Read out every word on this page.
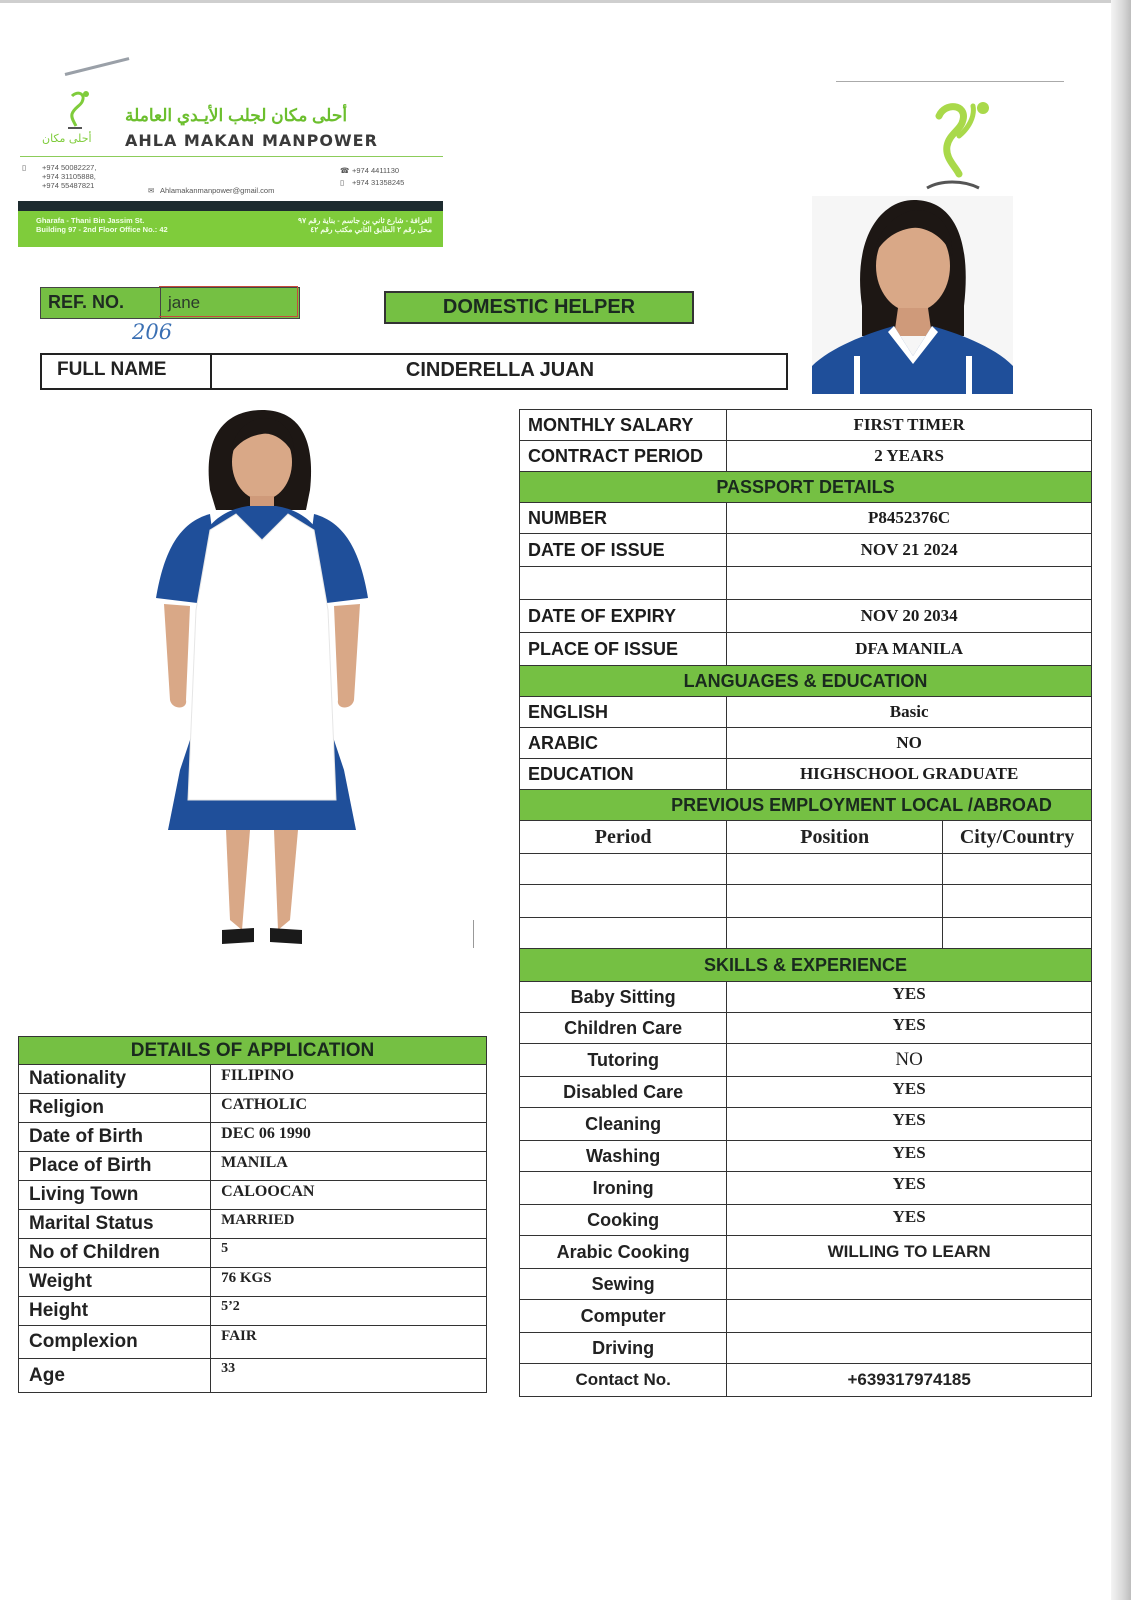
أحلى مكان
أحلى مكان لجلب الأيـدي العاملة
AHLA MAKAN MANPOWER
+974 50082227,
+974 31105888,
+974 55487821
▯	☎ +974 4411130
▯ +974 31358245
✉ Ahlamakanmanpower@gmail.com
Gharafa - Thani Bin Jassim St.
Building 97 - 2nd Floor Office No.: 42
الغرافة - شارع ثاني بن جاسم - بناية رقم ٩٧
محل رقم ٢ الطابق الثاني مكتب رقم ٤٢
REF. NO.	jane
206
DOMESTIC HELPER
FULL NAME	CINDERELLA JUAN
MONTHLY SALARY	FIRST TIMER	
CONTRACT PERIOD	2 YEARS	
PASSPORT DETAILS		
NUMBER	P8452376C	
DATE OF ISSUE	NOV 21 2024	

DATE OF EXPIRY	NOV 20 2034	
PLACE OF ISSUE	DFA MANILA	
LANGUAGES & EDUCATION		
ENGLISH	Basic	
ARABIC	NO	
EDUCATION	HIGHSCHOOL GRADUATE	
PREVIOUS EMPLOYMENT LOCAL /ABROAD		
Period	Position	City/Country

SKILLS & EXPERIENCE		
Baby Sitting	YES	
Children Care	YES	
Tutoring	NO	
Disabled Care	YES	
Cleaning	YES	
Washing	YES	
Ironing	YES	
Cooking	YES	
Arabic Cooking	WILLING TO LEARN	
Sewing		
Computer		
Driving		
Contact No.	+639317974185	
DETAILS OF APPLICATION	
Nationality	FILIPINO
Religion	CATHOLIC
Date of Birth	DEC 06 1990
Place of Birth	MANILA
Living Town	CALOOCAN
Marital Status	MARRIED
No of Children	5
Weight	76 KGS
Height	5’2
Complexion	FAIR
Age	33
